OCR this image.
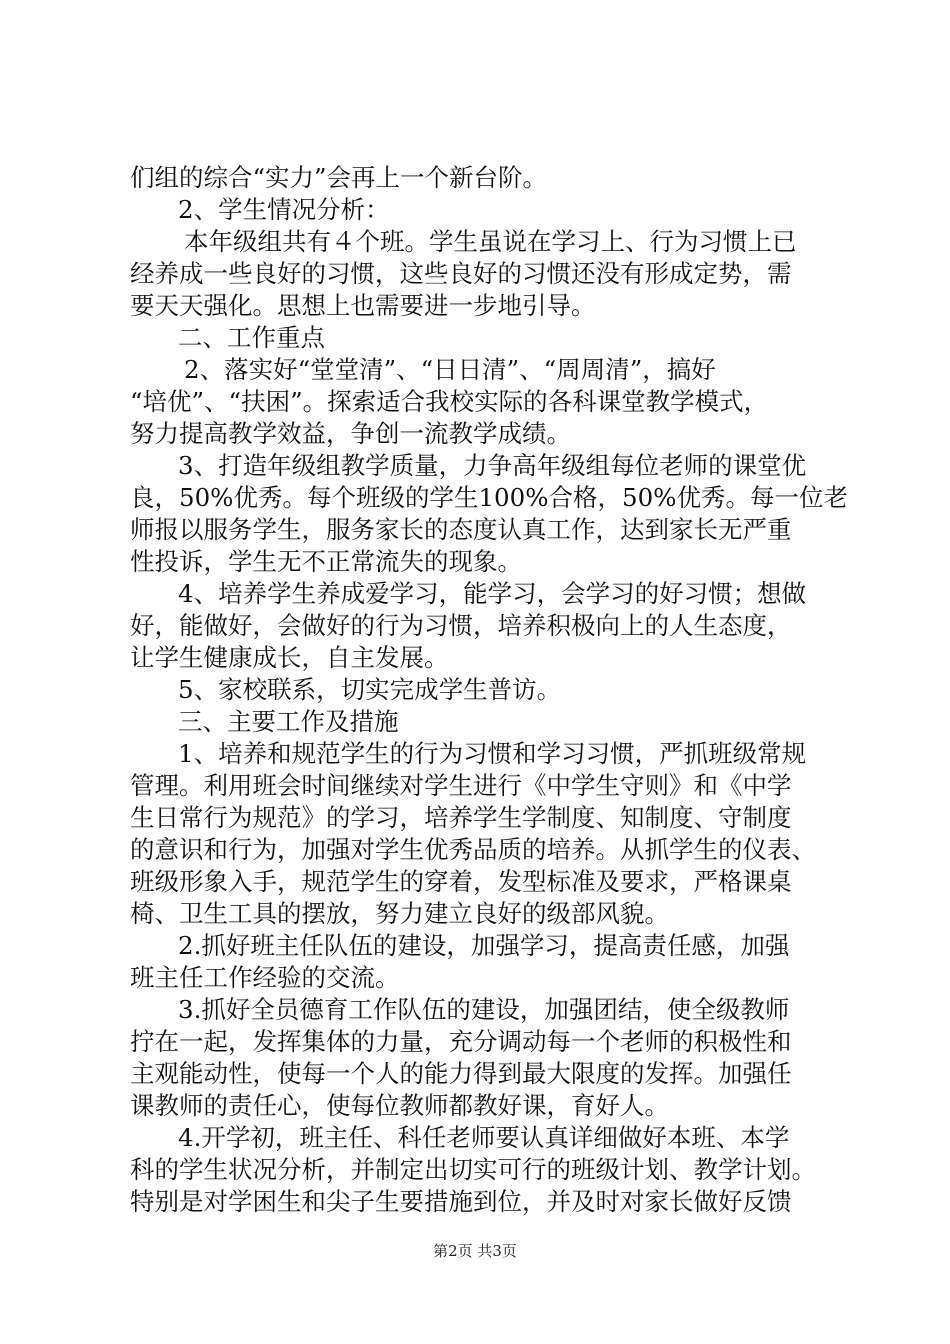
们组的综合“实力”会再上一个新台阶。
2、学生情况分析：
本年级组共有４个班。学生虽说在学习上、行为习惯上已
经养成一些良好的习惯，这些良好的习惯还没有形成定势，需
要天天强化。思想上也需要进一步地引导。
二、工作重点
2、落实好“堂堂清”、“日日清”、“周周清”，搞好
“培优”、“扶困”。探索适合我校实际的各科课堂教学模式，
努力提高教学效益，争创一流教学成绩。
3、打造年级组教学质量，力争高年级组每位老师的课堂优
良，50%优秀。每个班级的学生100%合格，50%优秀。每一位老
师报以服务学生，服务家长的态度认真工作，达到家长无严重
性投诉，学生无不正常流失的现象。
4、培养学生养成爱学习，能学习，会学习的好习惯；想做
好，能做好，会做好的行为习惯，培养积极向上的人生态度，
让学生健康成长，自主发展。
5、家校联系，切实完成学生普访。
三、主要工作及措施
1、培养和规范学生的行为习惯和学习习惯，严抓班级常规
管理。利用班会时间继续对学生进行《中学生守则》和《中学
生日常行为规范》的学习，培养学生学制度、知制度、守制度
的意识和行为，加强对学生优秀品质的培养。从抓学生的仪表、
班级形象入手，规范学生的穿着，发型标准及要求，严格课桌
椅、卫生工具的摆放，努力建立良好的级部风貌。
2.抓好班主任队伍的建设，加强学习，提高责任感，加强
班主任工作经验的交流。
3.抓好全员德育工作队伍的建设，加强团结，使全级教师
拧在一起，发挥集体的力量，充分调动每一个老师的积极性和
主观能动性，使每一个人的能力得到最大限度的发挥。加强任
课教师的责任心，使每位教师都教好课，育好人。
4.开学初，班主任、科任老师要认真详细做好本班、本学
科的学生状况分析，并制定出切实可行的班级计划、教学计划。
特别是对学困生和尖子生要措施到位，并及时对家长做好反馈
第2页 共3页
